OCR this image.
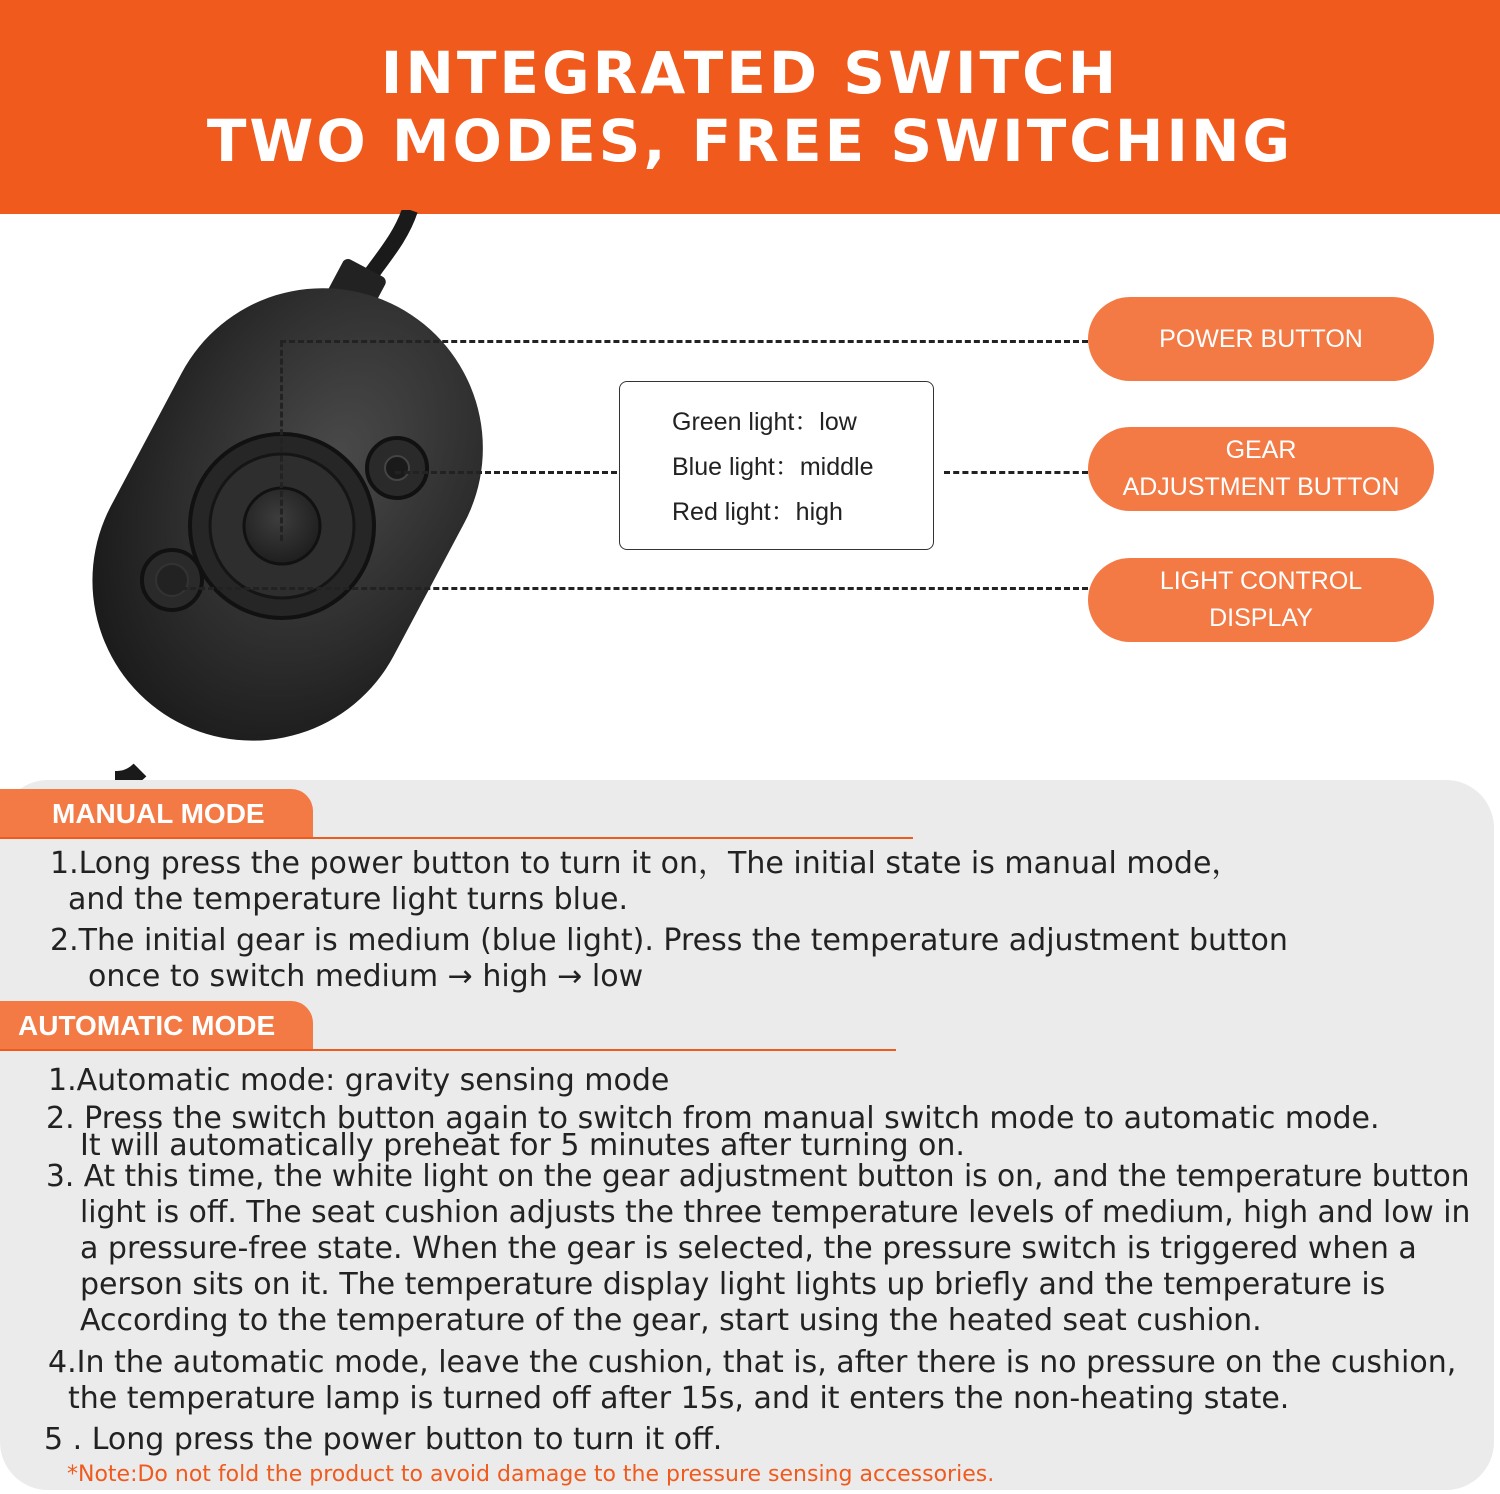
INTEGRATED SWITCH
TWO MODES, FREE SWITCHING
POWER BUTTON
GEAR
ADJUSTMENT BUTTON
LIGHT CONTROL
DISPLAY
Green light：low
Blue light：middle
Red light：high
MANUAL MODE
1.Long press the power button to turn it on，The initial state is manual mode，
and the temperature light turns blue.
2.The initial gear is medium (blue light). Press the temperature adjustment button
once to switch medium → high → low
AUTOMATIC MODE
1.Automatic mode: gravity sensing mode
2. Press the switch button again to switch from manual switch mode to automatic mode.
It will automatically preheat for 5 minutes after turning on.
3. At this time, the white light on the gear adjustment button is on, and the temperature button
light is off. The seat cushion adjusts the three temperature levels of medium, high and low in
a pressure-free state. When the gear is selected, the pressure switch is triggered when a
person sits on it. The temperature display light lights up briefly and the temperature is
According to the temperature of the gear, start using the heated seat cushion.
4.In the automatic mode, leave the cushion, that is, after there is no pressure on the cushion,
the temperature lamp is turned off after 15s, and it enters the non-heating state.
5 . Long press the power button to turn it off.
*Note:Do not fold the product to avoid damage to the pressure sensing accessories.
